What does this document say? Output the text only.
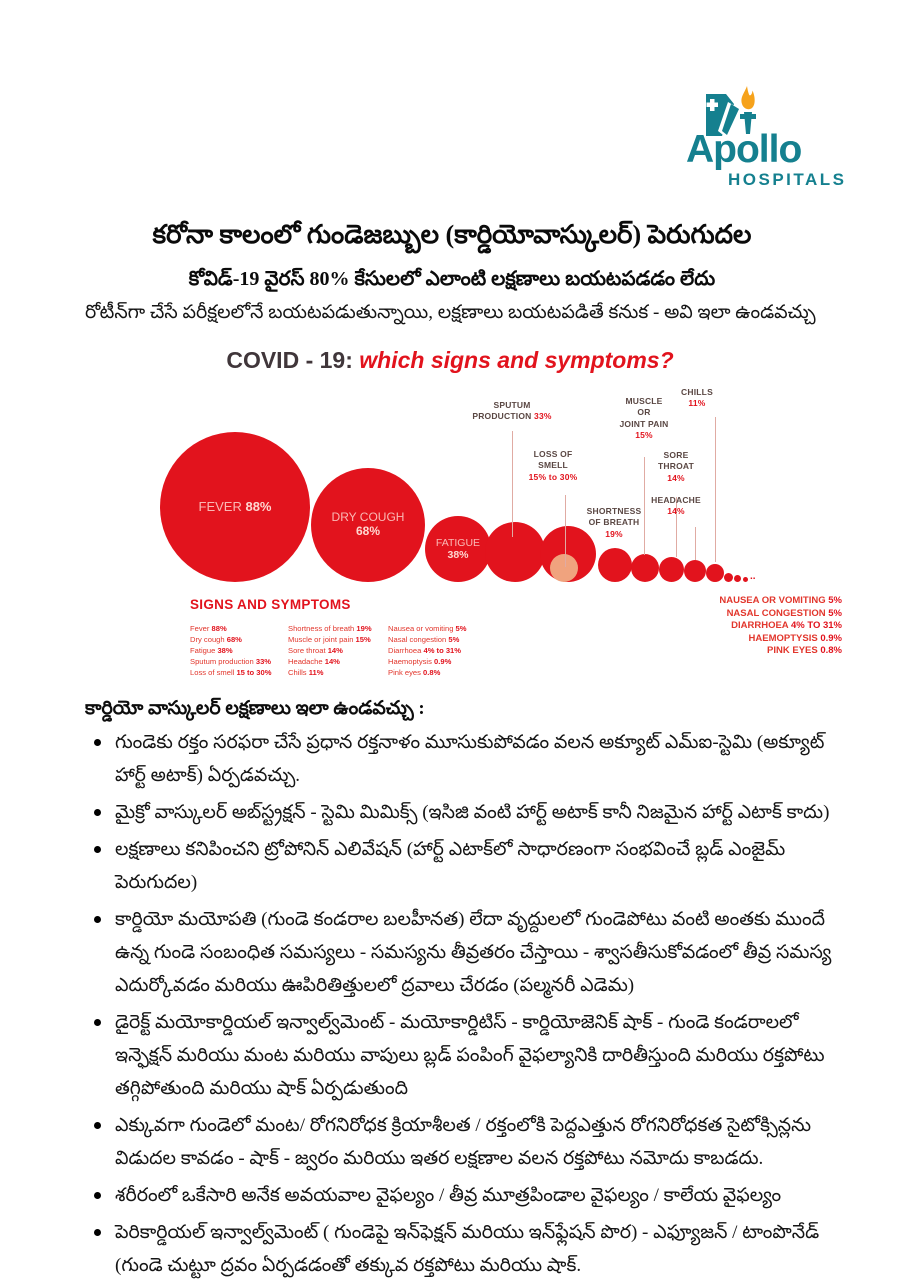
Apollo
HOSPITALS
కరోనా కాలంలో గుండెజబ్బుల (కార్డియోవాస్కులర్) పెరుగుదల
కోవిడ్-19 వైరస్ 80% కేసులలో ఎలాంటి లక్షణాలు బయటపడడం లేదు
రోటీన్‌గా చేసే పరీక్షలలోనే బయటపడుతున్నాయి, లక్షణాలు బయటపడితే కనుక - అవి ఇలా ఉండవచ్చు
COVID - 19: which signs and symptoms?
FEVER 88%
DRY COUGH
68%
FATIGUE
38%
..
SPUTUM
PRODUCTION 33%
LOSS OF
SMELL
15% to 30%
SHORTNESS
OF BREATH
19%
MUSCLE
OR
JOINT PAIN
15%
SORE
THROAT
14%
HEADACHE
14%
CHILLS
11%
SIGNS AND SYMPTOMS
Fever 88%
Dry cough 68%
Fatigue 38%
Sputum production 33%
Loss of smell 15 to 30%
Shortness of breath 19%
Muscle or joint pain 15%
Sore throat 14%
Headache 14%
Chills 11%
Nausea or vomiting 5%
Nasal congestion 5%
Diarrhoea 4% to 31%
Haemoptysis 0.9%
Pink eyes 0.8%
NAUSEA OR VOMITING 5%
NASAL CONGESTION 5%
DIARRHOEA 4% TO 31%
HAEMOPTYSIS 0.9%
PINK EYES 0.8%
కార్డియో వాస్కులర్ లక్షణాలు ఇలా ఉండవచ్చు :
గుండెకు రక్తం సరఫరా చేసే ప్రధాన రక్తనాళం మూసుకుపోవడం వలన అక్యూట్ ఎమ్ఐ-స్టెమి (అక్యూట్ హార్ట్ అటాక్) ఏర్పడవచ్చు.
మైక్రో వాస్కులర్ అబ్‌స్ట్రక్షన్ - స్టెమి మిమిక్స్ (ఇసిజి వంటి హార్ట్ అటాక్ కానీ నిజమైన హార్ట్ ఎటాక్ కాదు)
లక్షణాలు కనిపించని ట్రోపోనిన్ ఎలివేషన్ (హార్ట్ ఎటాక్‌లో సాధారణంగా సంభవించే బ్లడ్ ఎంజైమ్ పెరుగుదల)
కార్డియో మయోపతి (గుండె కండరాల బలహీనత) లేదా వృద్దులలో గుండెపోటు వంటి అంతకు ముందే ఉన్న గుండె సంబంధిత సమస్యలు - సమస్యను తీవ్రతరం చేస్తాయి - శ్వాసతీసుకోవడంలో తీవ్ర సమస్య ఎదుర్కోవడం మరియు ఊపిరితిత్తులలో ద్రవాలు చేరడం (పల్మనరీ ఎడెమ)
డైరెక్ట్ మయోకార్డియల్ ఇన్వాల్వ్‌మెంట్ - మయోకార్డిటిస్ - కార్డియోజెనిక్ షాక్ - గుండె కండరాలలో ఇన్ఫెక్షన్ మరియు మంట మరియు వాపులు బ్లడ్ పంపింగ్ వైఫల్యానికి దారితీస్తుంది మరియు రక్తపోటు తగ్గిపోతుంది మరియు షాక్ ఏర్పడుతుంది
ఎక్కువగా గుండెలో మంట/ రోగనిరోధక క్రియాశీలత / రక్తంలోకి పెద్దఎత్తున రోగనిరోధకత సైటోక్సిన్లను విడుదల కావడం - షాక్ - జ్వరం మరియు ఇతర లక్షణాల వలన రక్తపోటు నమోదు కాబడదు.
శరీరంలో ఒకేసారి అనేక అవయవాల వైఫల్యం / తీవ్ర మూత్రపిండాల వైఫల్యం / కాలేయ వైఫల్యం
పెరికార్డియల్ ఇన్వాల్వ్‌మెంట్ ( గుండెపై ఇన్‌ఫెక్షన్ మరియు ఇన్‌ఫ్లేషన్ పొర) - ఎఫ్యూజన్ / టాంపొనేడ్ (గుండె చుట్టూ ద్రవం ఏర్పడడంతో తక్కువ రక్తపోటు మరియు షాక్.
